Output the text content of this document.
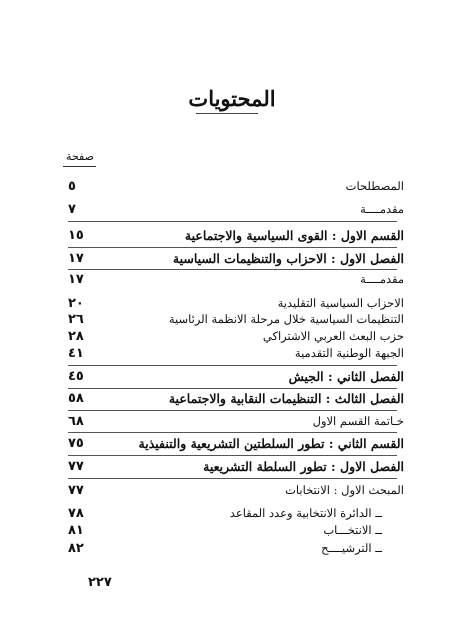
المحتويات
صفحة
المصطلحات
٥
مقدمــــة
٧
القسم الاول : القوى السياسية والاجتماعية
١٥
الفصل الاول : الاحزاب والتنظيمات السياسية
١٧
مقدمــــة
١٧
الاحزاب السياسية التقليدية
٢٠
التنظيمات السياسية خلال مرحلة الانظمة الرئاسية
٢٦
حزب البعث العربي الاشتراكي
٢٨
الجبهة الوطنية التقدمية
٤١
الفصل الثاني : الجيش
٤٥
الفصل الثالث : التنظيمات النقابية والاجتماعية
٥٨
خـاتمة القسم الاول
٦٨
القسم الثاني : تطور السلطتين التشريعية والتنفيذية
٧٥
الفصل الاول : تطور السلطة التشريعية
٧٧
المبحث الاول : الانتخابات
٧٧
ــ الدائرة الانتخابية وعدد المقاعد
٧٨
ــ الانتخـــاب
٨١
ــ الترشيــــح
٨٢
٢٢٧
